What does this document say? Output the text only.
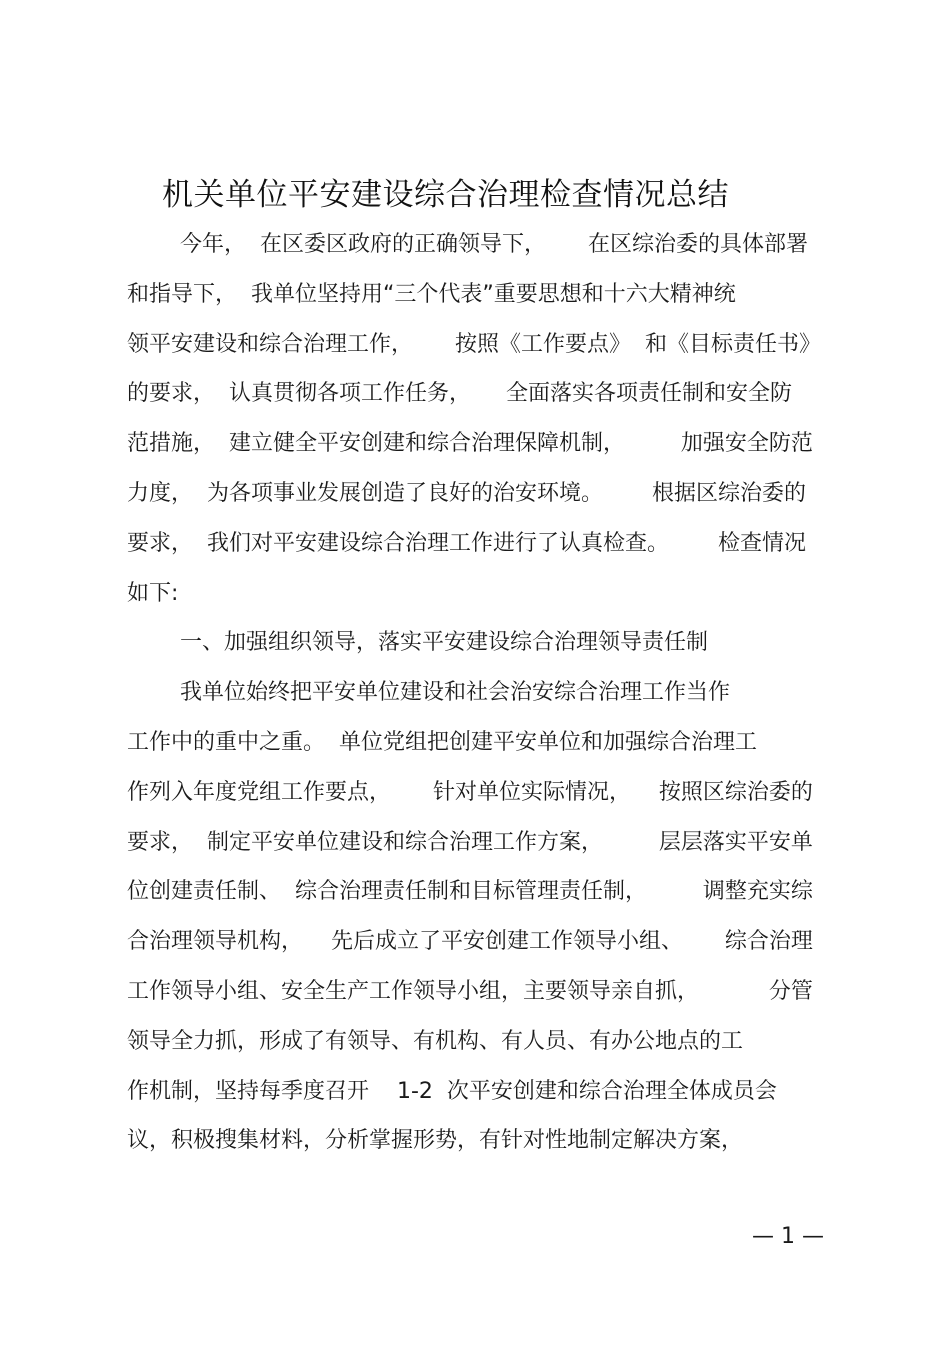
机关单位平安建设综合治理检查情况总结
今年，  在区委区政府的正确领导下，      在区综治委的具体部署
和指导下，  我单位坚持用“三个代表”重要思想和十六大精神统
领平安建设和综合治理工作，      按照《工作要点》  和《目标责任书》
的要求，  认真贯彻各项工作任务，     全面落实各项责任制和安全防
范措施，  建立健全平安创建和综合治理保障机制，        加强安全防范
力度，  为各项事业发展创造了良好的治安环境。       根据区综治委的
要求，  我们对平安建设综合治理工作进行了认真检查。       检查情况
如下:
一、加强组织领导，落实平安建设综合治理领导责任制
我单位始终把平安单位建设和社会治安综合治理工作当作
工作中的重中之重。  单位党组把创建平安单位和加强综合治理工
作列入年度党组工作要点，      针对单位实际情况，    按照区综治委的
要求，  制定平安单位建设和综合治理工作方案，        层层落实平安单
位创建责任制、  综合治理责任制和目标管理责任制，        调整充实综
合治理领导机构，    先后成立了平安创建工作领导小组、      综合治理
工作领导小组、安全生产工作领导小组，主要领导亲自抓，          分管
领导全力抓，形成了有领导、有机构、有人员、有办公地点的工
作机制，坚持每季度召开    1-2  次平安创建和综合治理全体成员会
议，积极搜集材料，分析掌握形势，有针对性地制定解决方案，
— 1 —
